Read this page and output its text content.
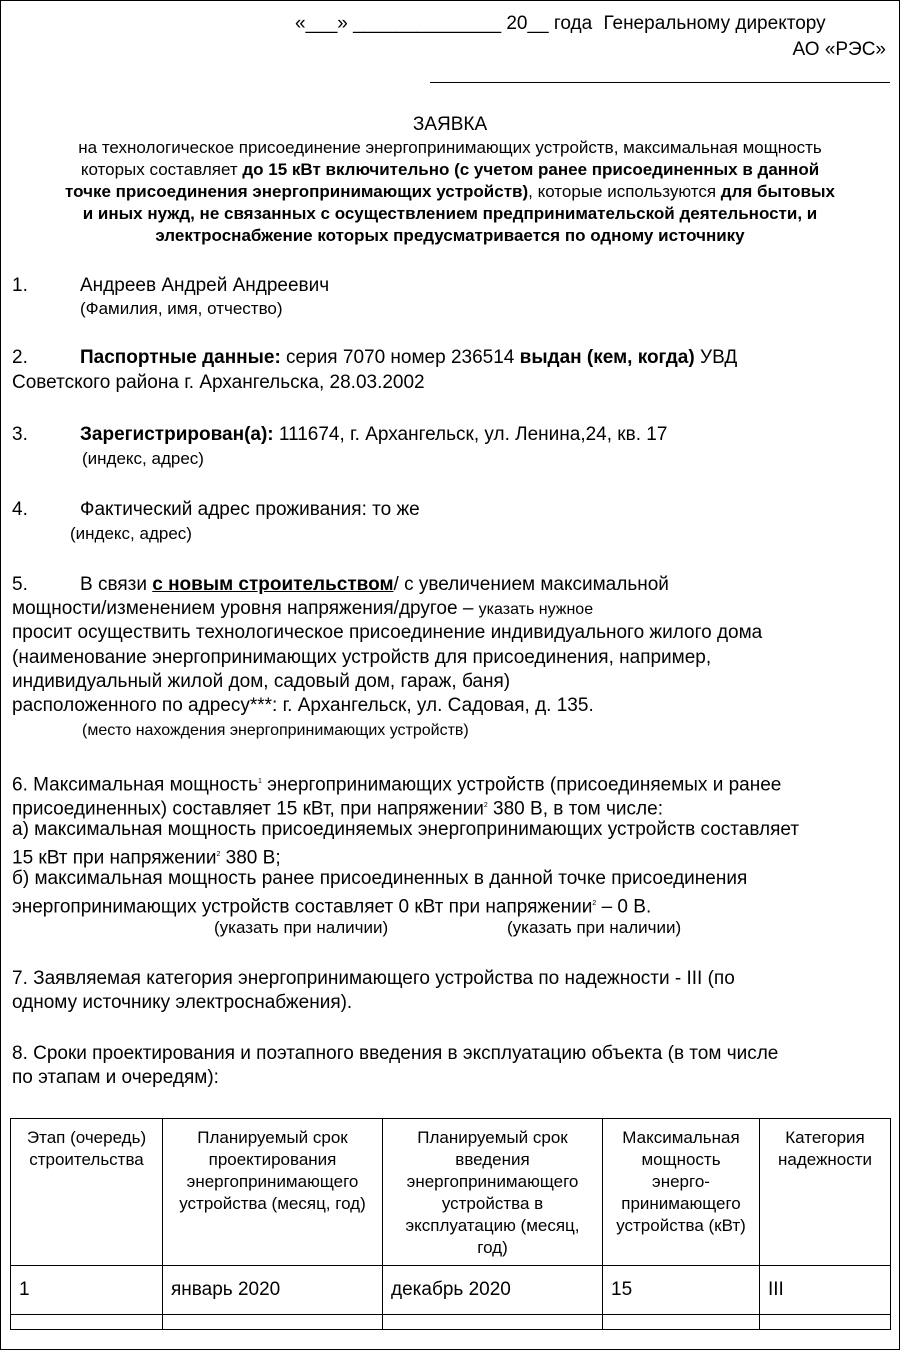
«___» ______________ 20__ года Генеральному директору
АО «РЭС»
ЗАЯВКА
на технологическое присоединение энергопринимающих устройств, максимальная мощность
которых составляет до 15 кВт включительно (с учетом ранее присоединенных в данной
точке присоединения энергопринимающих устройств), которые используются для бытовых
и иных нужд, не связанных с осуществлением предпринимательской деятельности, и
электроснабжение которых предусматривается по одному источнику
1.	Андреев Андрей Андреевич
(Фамилия, имя, отчество)
2.	Паспортные данные: серия 7070 номер 236514 выдан (кем, когда) УВД
Советского района г. Архангельска, 28.03.2002
3.	Зарегистрирован(а): 111674, г. Архангельск, ул. Ленина,24, кв. 17
(индекс, адрес)
4.	Фактический адрес проживания: то же
(индекс, адрес)
5.	В связи с новым строительством/ с увеличением максимальной
мощности/изменением уровня напряжения/другое – указать нужное
просит осуществить технологическое присоединение индивидуального жилого дома
(наименование энергопринимающих устройств для присоединения, например,
индивидуальный жилой дом, садовый дом, гараж, баня)
расположенного по адресу***: г. Архангельск, ул. Садовая, д. 135.
(место нахождения энергопринимающих устройств)
6. Максимальная мощность$^1$ энергопринимающих устройств (присоединяемых и ранее
присоединенных) составляет 15 кВт, при напряжении$^2$ 380 В, в том числе:
а) максимальная мощность присоединяемых энергопринимающих устройств составляет
15 кВт при напряжении$^2$ 380 В;
б) максимальная мощность ранее присоединенных в данной точке присоединения
энергопринимающих устройств составляет 0 кВт при напряжении$^2$ – 0 В.
(указать при наличии)	(указать при наличии)
7. Заявляемая категория энергопринимающего устройства по надежности - III (по
одному источнику электроснабжения).
8. Сроки проектирования и поэтапного введения в эксплуатацию объекта (в том числе
по этапам и очередям):
Этап (очередь) строительства	Планируемый срок проектирования энергопринимающего устройства (месяц, год)	Планируемый срок введения энергопринимающего устройства в эксплуатацию (месяц, год)	Максимальная мощность энерго-принимающего устройства (кВт)	Категория надежности
1	январь 2020	декабрь 2020	15	III
